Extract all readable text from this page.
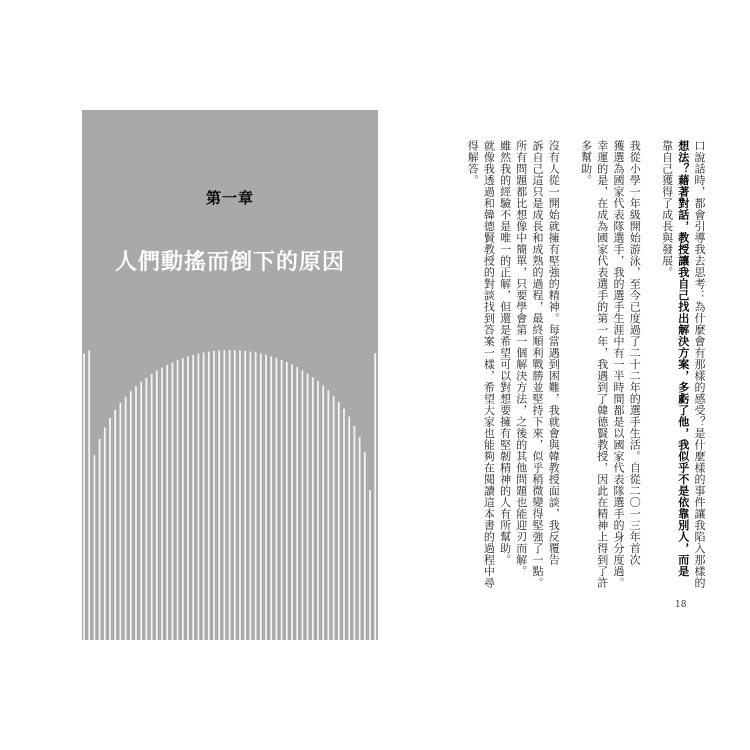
第一章
人們動搖而倒下的原因	口說話時，都會引導我去思考：為什麼會有那樣的感受？是什麼樣的事件讓我陷入那樣的
想法？藉著對話，教授讓我自己找出解決方案，多虧了他，我似乎不是依靠別人，而是
靠自己獲得了成長與發展。
我從小學一年級開始游泳，至今已度過了二十二年的選手生活。自從二〇一三年首次
獲選為國家代表隊選手，我的選手生涯中有一半時間都是以國家代表隊選手的身分度過。
幸運的是，在成為國家代表選手的第一年，我遇到了韓德賢教授，因此在精神上得到了許
多幫助。
沒有人從一開始就擁有堅強的精神。每當遇到困難，我就會與韓教授面談，我反覆告
訴自己這只是成長和成熟的過程，最終順利戰勝並堅持下來，似乎稍微變得堅強了一點。
所有問題都比想像中簡單，只要學會第一個解決方法，之後的其他問題也能迎刃而解。
雖然我的經驗不是唯一的正解，但還是希望可以對想要擁有堅韌精神的人有所幫助。
就像我透過和韓德賢教授的對談找到答案一樣，希望大家也能夠在閱讀這本書的過程中尋
得解答。
18
